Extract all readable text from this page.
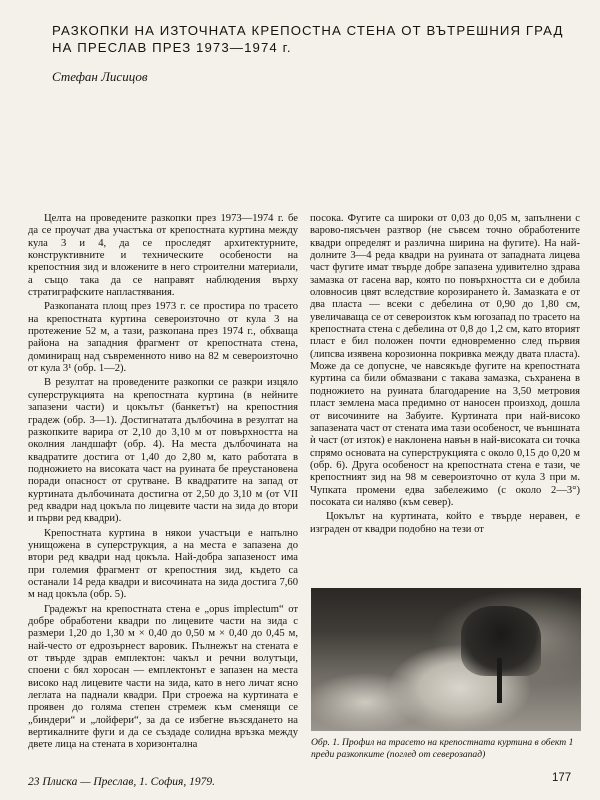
РАЗКОПКИ НА ИЗТОЧНАТА КРЕПОСТНА СТЕНА ОТ ВЪТРЕШНИЯ ГРАД НА ПРЕСЛАВ ПРЕЗ 1973—1974 г.
Стефан Лисицов

Целта на проведените разкопки през 1973—1974 г. бе да се проучат два участъка от крепостната куртина между кула 3 и 4, да се проследят архитектурните, конструктивните и техническите особености на крепостния зид и вложените в него строителни материали, а също така да се направят наблюдения върху стратиграфските напластявания.

Разкопаната площ през 1973 г. се простира по трасето на крепостната куртина североизточно от кула 3 на протежение 52 м, а тази, разкопана през 1974 г., обхваща района на западния фрагмент от крепостната стена, доминиращ над съвременното ниво на 82 м североизточно от кула 3¹ (обр. 1—2).

В резултат на проведените разкопки се разкри изцяло суперструкцията на крепостната куртина (в нейните запазени части) и цокълът (банкетът) на крепостния градеж (обр. 3—1). Достигнатата дълбочина в резултат на разкопките варира от 2,10 до 3,10 м от повърхността на околния ландшафт (обр. 4). На места дълбочината на квадратите достига от 1,40 до 2,80 м, като работата в подножието на високата част на руината бе преустановена поради опасност от срутване. В квадратите на запад от куртината дълбочината достигна от 2,50 до 3,10 м (от VII ред квадри над цокъла по лицевите части на зида до втори и първи ред квадри).

Крепостната куртина в някои участъци е напълно унищожена в суперструкция, а на места е запазена до втори ред квадри над цокъла. Най-добра запазеност има при големия фрагмент от крепостния зид, където са останали 14 реда квадри и височината на зида достига 7,60 м над цокъла (обр. 5).

Градежът на крепостната стена е „opus implectum“ от добре обработени квадри по лицевите части на зида с размери 1,20 до 1,30 м × 0,40 до 0,50 м × 0,40 до 0,45 м, най-често от едрозърнест варовик. Пълнежът на стената е от твърде здрав емплектон: чакъл и речни волутъци, споени с бял хоросан — емплектонът е запазен на места високо над лицевите части на зида, като в него личат ясно леглата на паднали квадри. При строежа на куртината е проявен до голяма степен стремеж към сменящи се „биндери“ и „лойфери“, за да се избегне възсядането на вертикалните фуги и да се създаде солидна връзка между двете лица на стената в хоризонтална

посока. Фугите са широки от 0,03 до 0,05 м, запълнени с варово-пясъчен разтвор (не съвсем точно обработените квадри определят и различна ширина на фугите). На най-долните 3—4 реда квадри на руината от западната лицева част фугите имат твърде добре запазена удивително здрава замазка от гасена вар, която по повърхността си е добила оловносив цвят вследствие корозирането ѝ. Замазката е от два пласта — всеки с дебелина от 0,90 до 1,80 см, увеличаваща се от североизток към югозапад по трасето на крепостната стена с дебелина от 0,8 до 1,2 см, като вторият пласт е бил положен почти едновременно след първия (липсва изявена корозионна покривка между двата пласта). Може да се допусне, че навсякъде фугите на крепостната куртина са били обмазвани с такава замазка, съхранена в подножието на руината благодарение на 3,50 метровия пласт землена маса предимно от наносен произход, дошла от височините на Забуите. Куртината при най-високо запазената част от стената има тази особеност, че външната ѝ част (от изток) е наклонена навън в най-високата си точка спрямо основата на суперструкцията с около 0,15 до 0,20 м (обр. 6). Друга особеност на крепостната стена е тази, че крепостният зид на 98 м североизточно от кула 3 при м. Чупката промени едва забележимо (с около 2—3°) посоката си наляво (към север).

Цокълът на куртината, който е твърде неравен, е изграден от квадри подобно на тези от

Обр. 1. Профил на трасето на крепостната куртина в обект 1 преди разкопките (поглед от северозапад)
23 Плиска — Преслав, 1. София, 1979.	177
